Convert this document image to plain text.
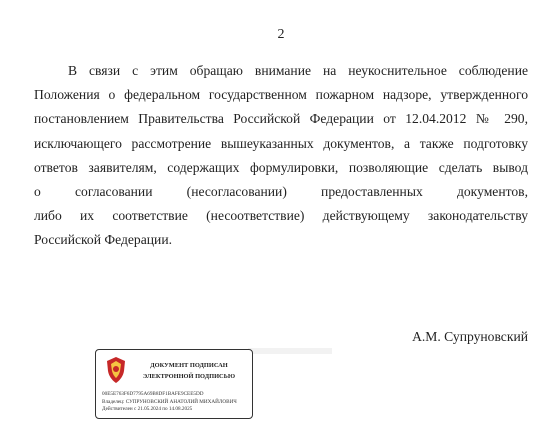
2
В связи с этим обращаю внимание на неукоснительное соблюдение
Положения о федеральном государственном пожарном надзоре, утвержденного
постановлением Правительства Российской Федерации от 12.04.2012 № 290,
исключающего рассмотрение вышеуказанных документов, а также подготовку
ответов заявителям, содержащих формулировки, позволяющие сделать вывод
о согласовании (несогласовании) предоставленных документов,
либо их соответствие (несоответствие) действующему законодательству
Российской Федерации.
А.М. Супруновский
ДОКУМЕНТ ПОДПИСАН
ЭЛЕКТРОННОЙ ПОДПИСЬЮ
00E5E763F6D7795A69B8DF1BAFE9CEE5DD
Владелец: СУПРУНОВСКИЙ АНАТОЛИЙ МИХАЙЛОВИЧ
Действителен с 21.05.2024 по 14.08.2025
